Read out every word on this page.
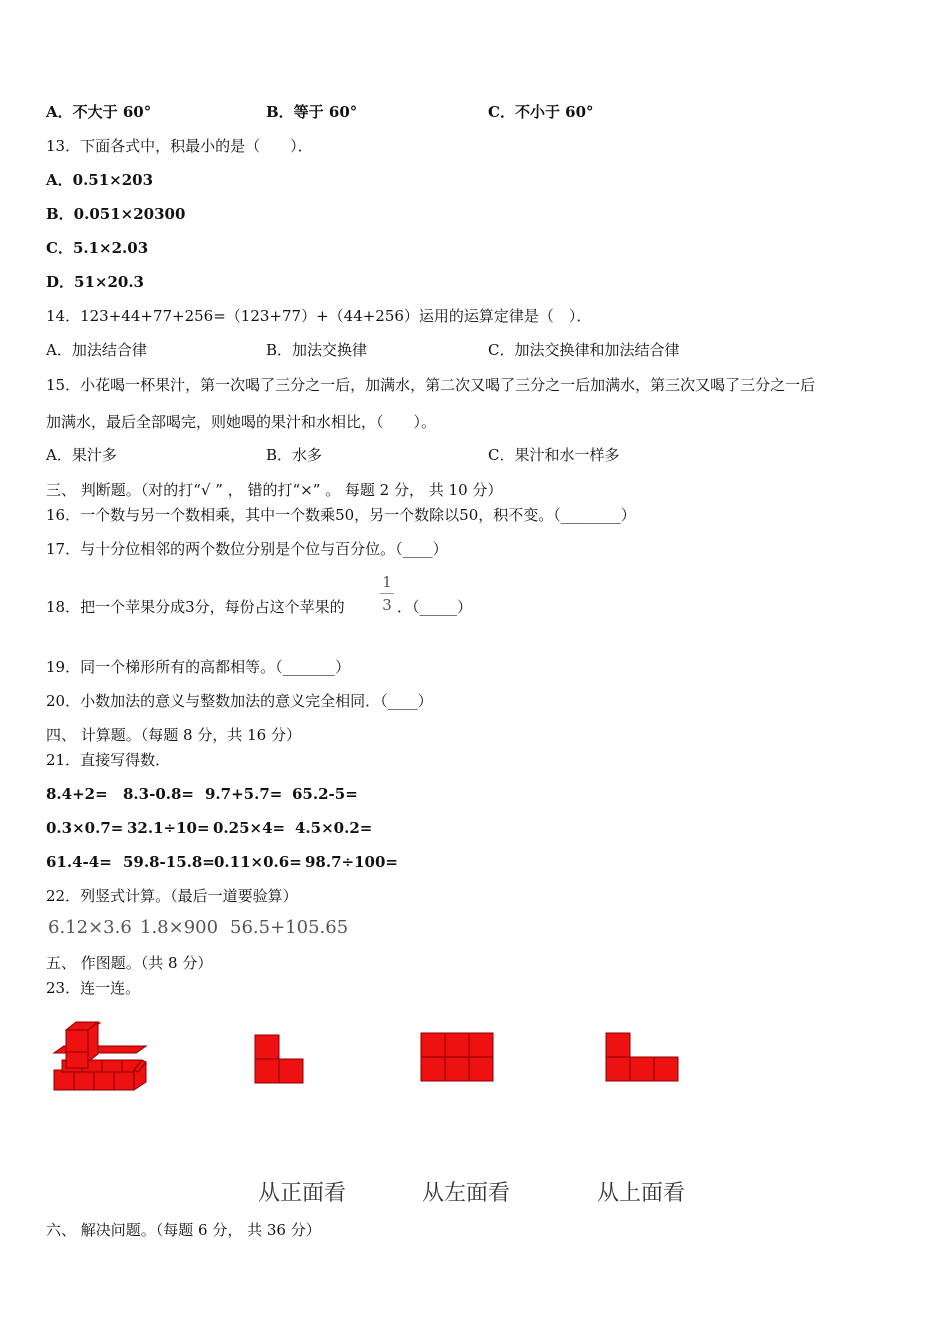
A．不大于 60°	B．等于 60°	C．不小于 60°
13．下面各式中，积最小的是（　　）．
A．0.51×203
B．0.051×20300
C．5.1×2.03
D．51×20.3
14．123+44+77+256=（123+77）+（44+256）运用的运算定律是（　）．
A．加法结合律	B．加法交换律	C．加法交换律和加法结合律
15．小花喝一杯果汁，第一次喝了三分之一后，加满水，第二次又喝了三分之一后加满水，第三次又喝了三分之一后
加满水，最后全部喝完，则她喝的果汁和水相比，（　　）。
A．果汁多	B．水多	C．果汁和水一样多
三、 判断题。（对的打“√ ” ， 错的打“×” 。 每题 2 分， 共 10 分）
16．一个数与另一个数相乘，其中一个数乘50，另一个数除以50，积不变。（________）
17．与十分位相邻的两个数位分别是个位与百分位。（____）
18．把一个苹果分成3分，每份占这个苹果的
1
3 ．（_____）
19．同一个梯形所有的高都相等。（_______）
20．小数加法的意义与整数加法的意义完全相同．（____）
四、 计算题。（每题 8 分，共 16 分）
21．直接写得数．
8.4+2= 8.3-0.8= 9.7+5.7= 65.2-5=
0.3×0.7= 32.1÷10= 0.25×4= 4.5×0.2=
61.4-4= 59.8-15.8= 0.11×0.6= 98.7÷100=
22．列竖式计算。（最后一道要验算）
6.12×3.6 1.8×900 56.5+105.65
五、 作图题。（共 8 分）
23．连一连。
从正面看	从左面看	从上面看
六、 解决问题。（每题 6 分， 共 36 分）
